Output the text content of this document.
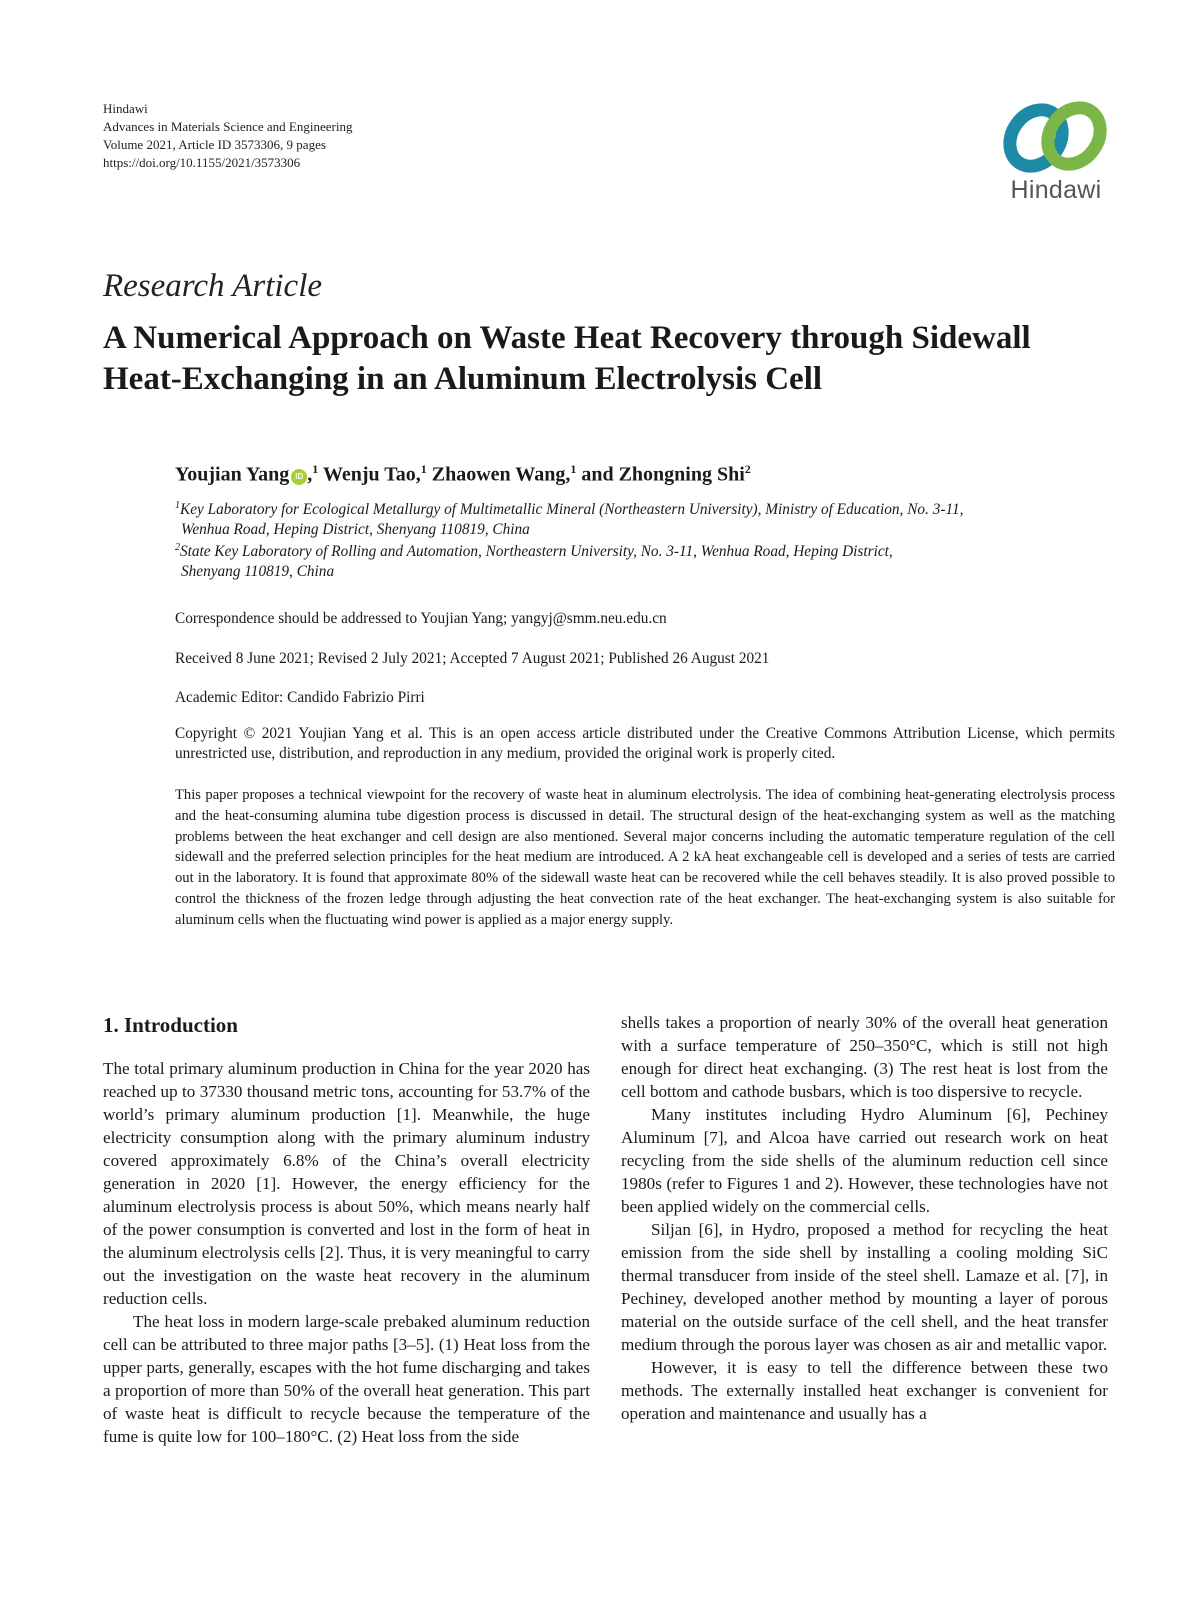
Hindawi
Advances in Materials Science and Engineering
Volume 2021, Article ID 3573306, 9 pages
https://doi.org/10.1155/2021/3573306
Hindawi
Research Article
A Numerical Approach on Waste Heat Recovery through Sidewall Heat-Exchanging in an Aluminum Electrolysis Cell
Youjian Yang iD ,$^1$ Wenju Tao,$^1$ Zhaowen Wang,$^1$ and Zhongning Shi$^2$
$^1$Key Laboratory for Ecological Metallurgy of Multimetallic Mineral (Northeastern University), Ministry of Education, No. 3-11,
Wenhua Road, Heping District, Shenyang 110819, China
$^2$State Key Laboratory of Rolling and Automation, Northeastern University, No. 3-11, Wenhua Road, Heping District,
Shenyang 110819, China
Correspondence should be addressed to Youjian Yang; yangyj@smm.neu.edu.cn
Received 8 June 2021; Revised 2 July 2021; Accepted 7 August 2021; Published 26 August 2021
Academic Editor: Candido Fabrizio Pirri
Copyright © 2021 Youjian Yang et al. This is an open access article distributed under the Creative Commons Attribution License, which permits unrestricted use, distribution, and reproduction in any medium, provided the original work is properly cited.

This paper proposes a technical viewpoint for the recovery of waste heat in aluminum electrolysis. The idea of combining heat-generating electrolysis process and the heat-consuming alumina tube digestion process is discussed in detail. The structural design of the heat-exchanging system as well as the matching problems between the heat exchanger and cell design are also mentioned. Several major concerns including the automatic temperature regulation of the cell sidewall and the preferred selection principles for the heat medium are introduced. A 2 kA heat exchangeable cell is developed and a series of tests are carried out in the laboratory. It is found that approximate 80% of the sidewall waste heat can be recovered while the cell behaves steadily. It is also proved possible to control the thickness of the frozen ledge through adjusting the heat convection rate of the heat exchanger. The heat-exchanging system is also suitable for aluminum cells when the fluctuating wind power is applied as a major energy supply.

1. Introduction

The total primary aluminum production in China for the year 2020 has reached up to 37330 thousand metric tons, accounting for 53.7% of the world’s primary aluminum production [1]. Meanwhile, the huge electricity consumption along with the primary aluminum industry covered approximately 6.8% of the China’s overall electricity generation in 2020 [1]. However, the energy efficiency for the aluminum electrolysis process is about 50%, which means nearly half of the power consumption is converted and lost in the form of heat in the aluminum electrolysis cells [2]. Thus, it is very meaningful to carry out the investigation on the waste heat recovery in the aluminum reduction cells.

The heat loss in modern large-scale prebaked aluminum reduction cell can be attributed to three major paths [3–5]. (1) Heat loss from the upper parts, generally, escapes with the hot fume discharging and takes a proportion of more than 50% of the overall heat generation. This part of waste heat is difficult to recycle because the temperature of the fume is quite low for 100–180°C. (2) Heat loss from the side

shells takes a proportion of nearly 30% of the overall heat generation with a surface temperature of 250–350°C, which is still not high enough for direct heat exchanging. (3) The rest heat is lost from the cell bottom and cathode busbars, which is too dispersive to recycle.

Many institutes including Hydro Aluminum [6], Pechiney Aluminum [7], and Alcoa have carried out research work on heat recycling from the side shells of the aluminum reduction cell since 1980s (refer to Figures 1 and 2). However, these technologies have not been applied widely on the commercial cells.

Siljan [6], in Hydro, proposed a method for recycling the heat emission from the side shell by installing a cooling molding SiC thermal transducer from inside of the steel shell. Lamaze et al. [7], in Pechiney, developed another method by mounting a layer of porous material on the outside surface of the cell shell, and the heat transfer medium through the porous layer was chosen as air and metallic vapor.

However, it is easy to tell the difference between these two methods. The externally installed heat exchanger is convenient for operation and maintenance and usually has a
